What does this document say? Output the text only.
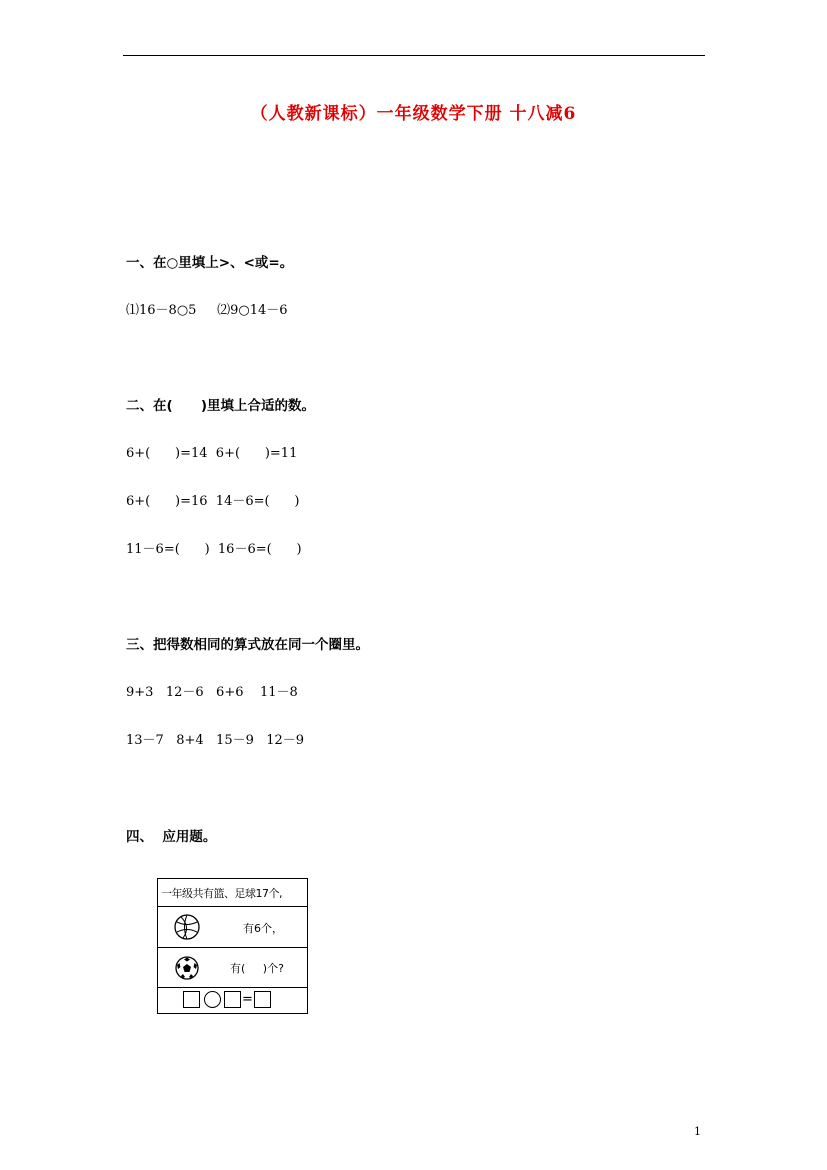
（人教新课标）一年级数学下册 十八减6
一、在○里填上>、<或=。
⑴16－8○5     ⑵9○14－6
二、在(      )里填上合适的数。
6+(      )=14  6+(      )=11
6+(      )=16  14－6=(      )
11－6=(      )  16－6=(      )
三、把得数相同的算式放在同一个圈里。
9+3   12－6   6+6    11－8
13－7   8+4   15－9   12－9
四、  应用题。
一年级共有篮、足球17个,
有6个，
有(     )个?
=
1
